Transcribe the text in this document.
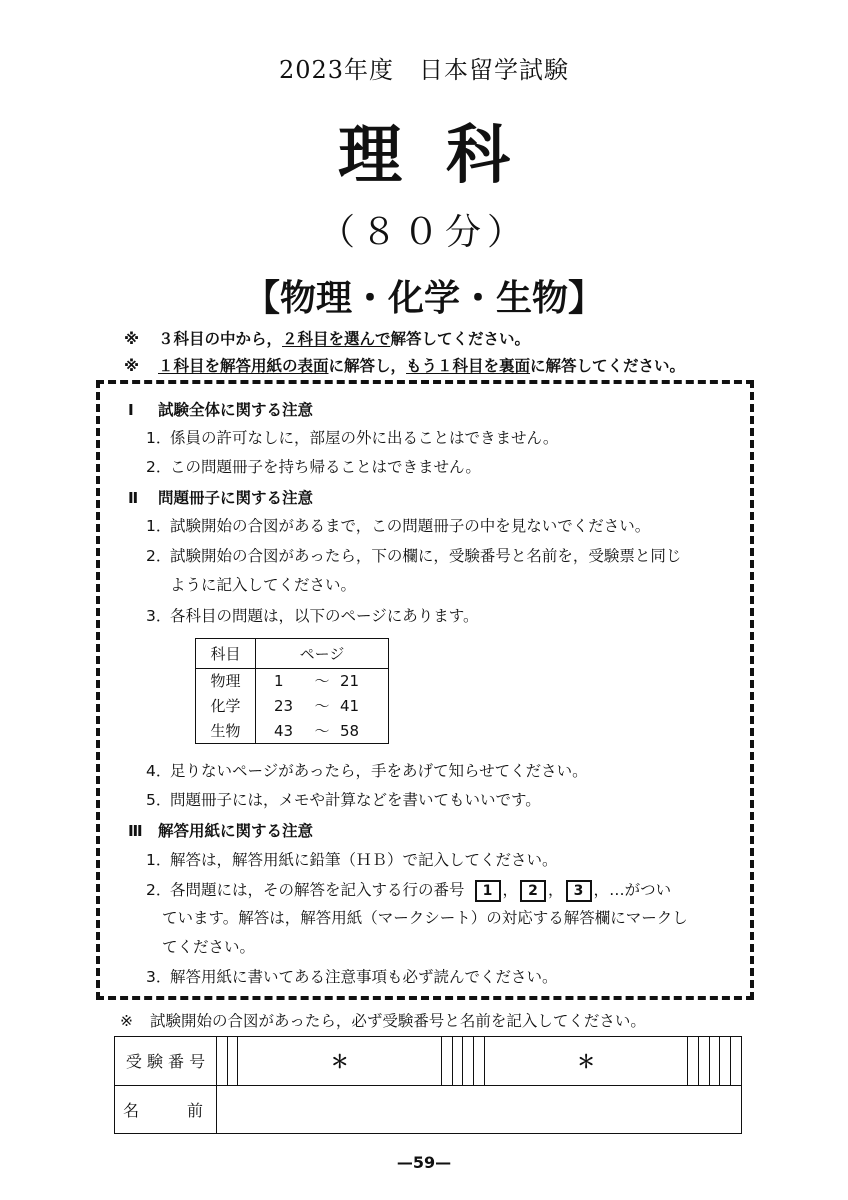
2023年度　日本留学試験
理科
（８０分）
【物理・化学・生物】
※ ３科目の中から，２科目を選んで解答してください。
※ １科目を解答用紙の表面に解答し，もう１科目を裏面に解答してください。
Ⅰ 試験全体に関する注意
1．係員の許可なしに，部屋の外に出ることはできません。
2．この問題冊子を持ち帰ることはできません。
Ⅱ 問題冊子に関する注意
1．試験開始の合図があるまで，この問題冊子の中を見ないでください。
2．試験開始の合図があったら，下の欄に，受験番号と名前を，受験票と同じ
ように記入してください。
3．各科目の問題は，以下のページにあります。
科目	ページ
物理	1 ～ 21
化学	23 ～ 41
生物	43 ～ 58
4．足りないページがあったら，手をあげて知らせてください。
5．問題冊子には，メモや計算などを書いてもいいです。
Ⅲ 解答用紙に関する注意
1．解答は，解答用紙に鉛筆（ＨＢ）で記入してください。
2．各問題には，その解答を記入する行の番号 1 ， 2 ， 3 ，…がつい
ています。解答は，解答用紙（マークシート）の対応する解答欄にマークし
てください。
3．解答用紙に書いてある注意事項も必ず読んでください。
※ 試験開始の合図があったら，必ず受験番号と名前を記入してください。
受 験 番 号			＊					＊					
名 前													

—59—
